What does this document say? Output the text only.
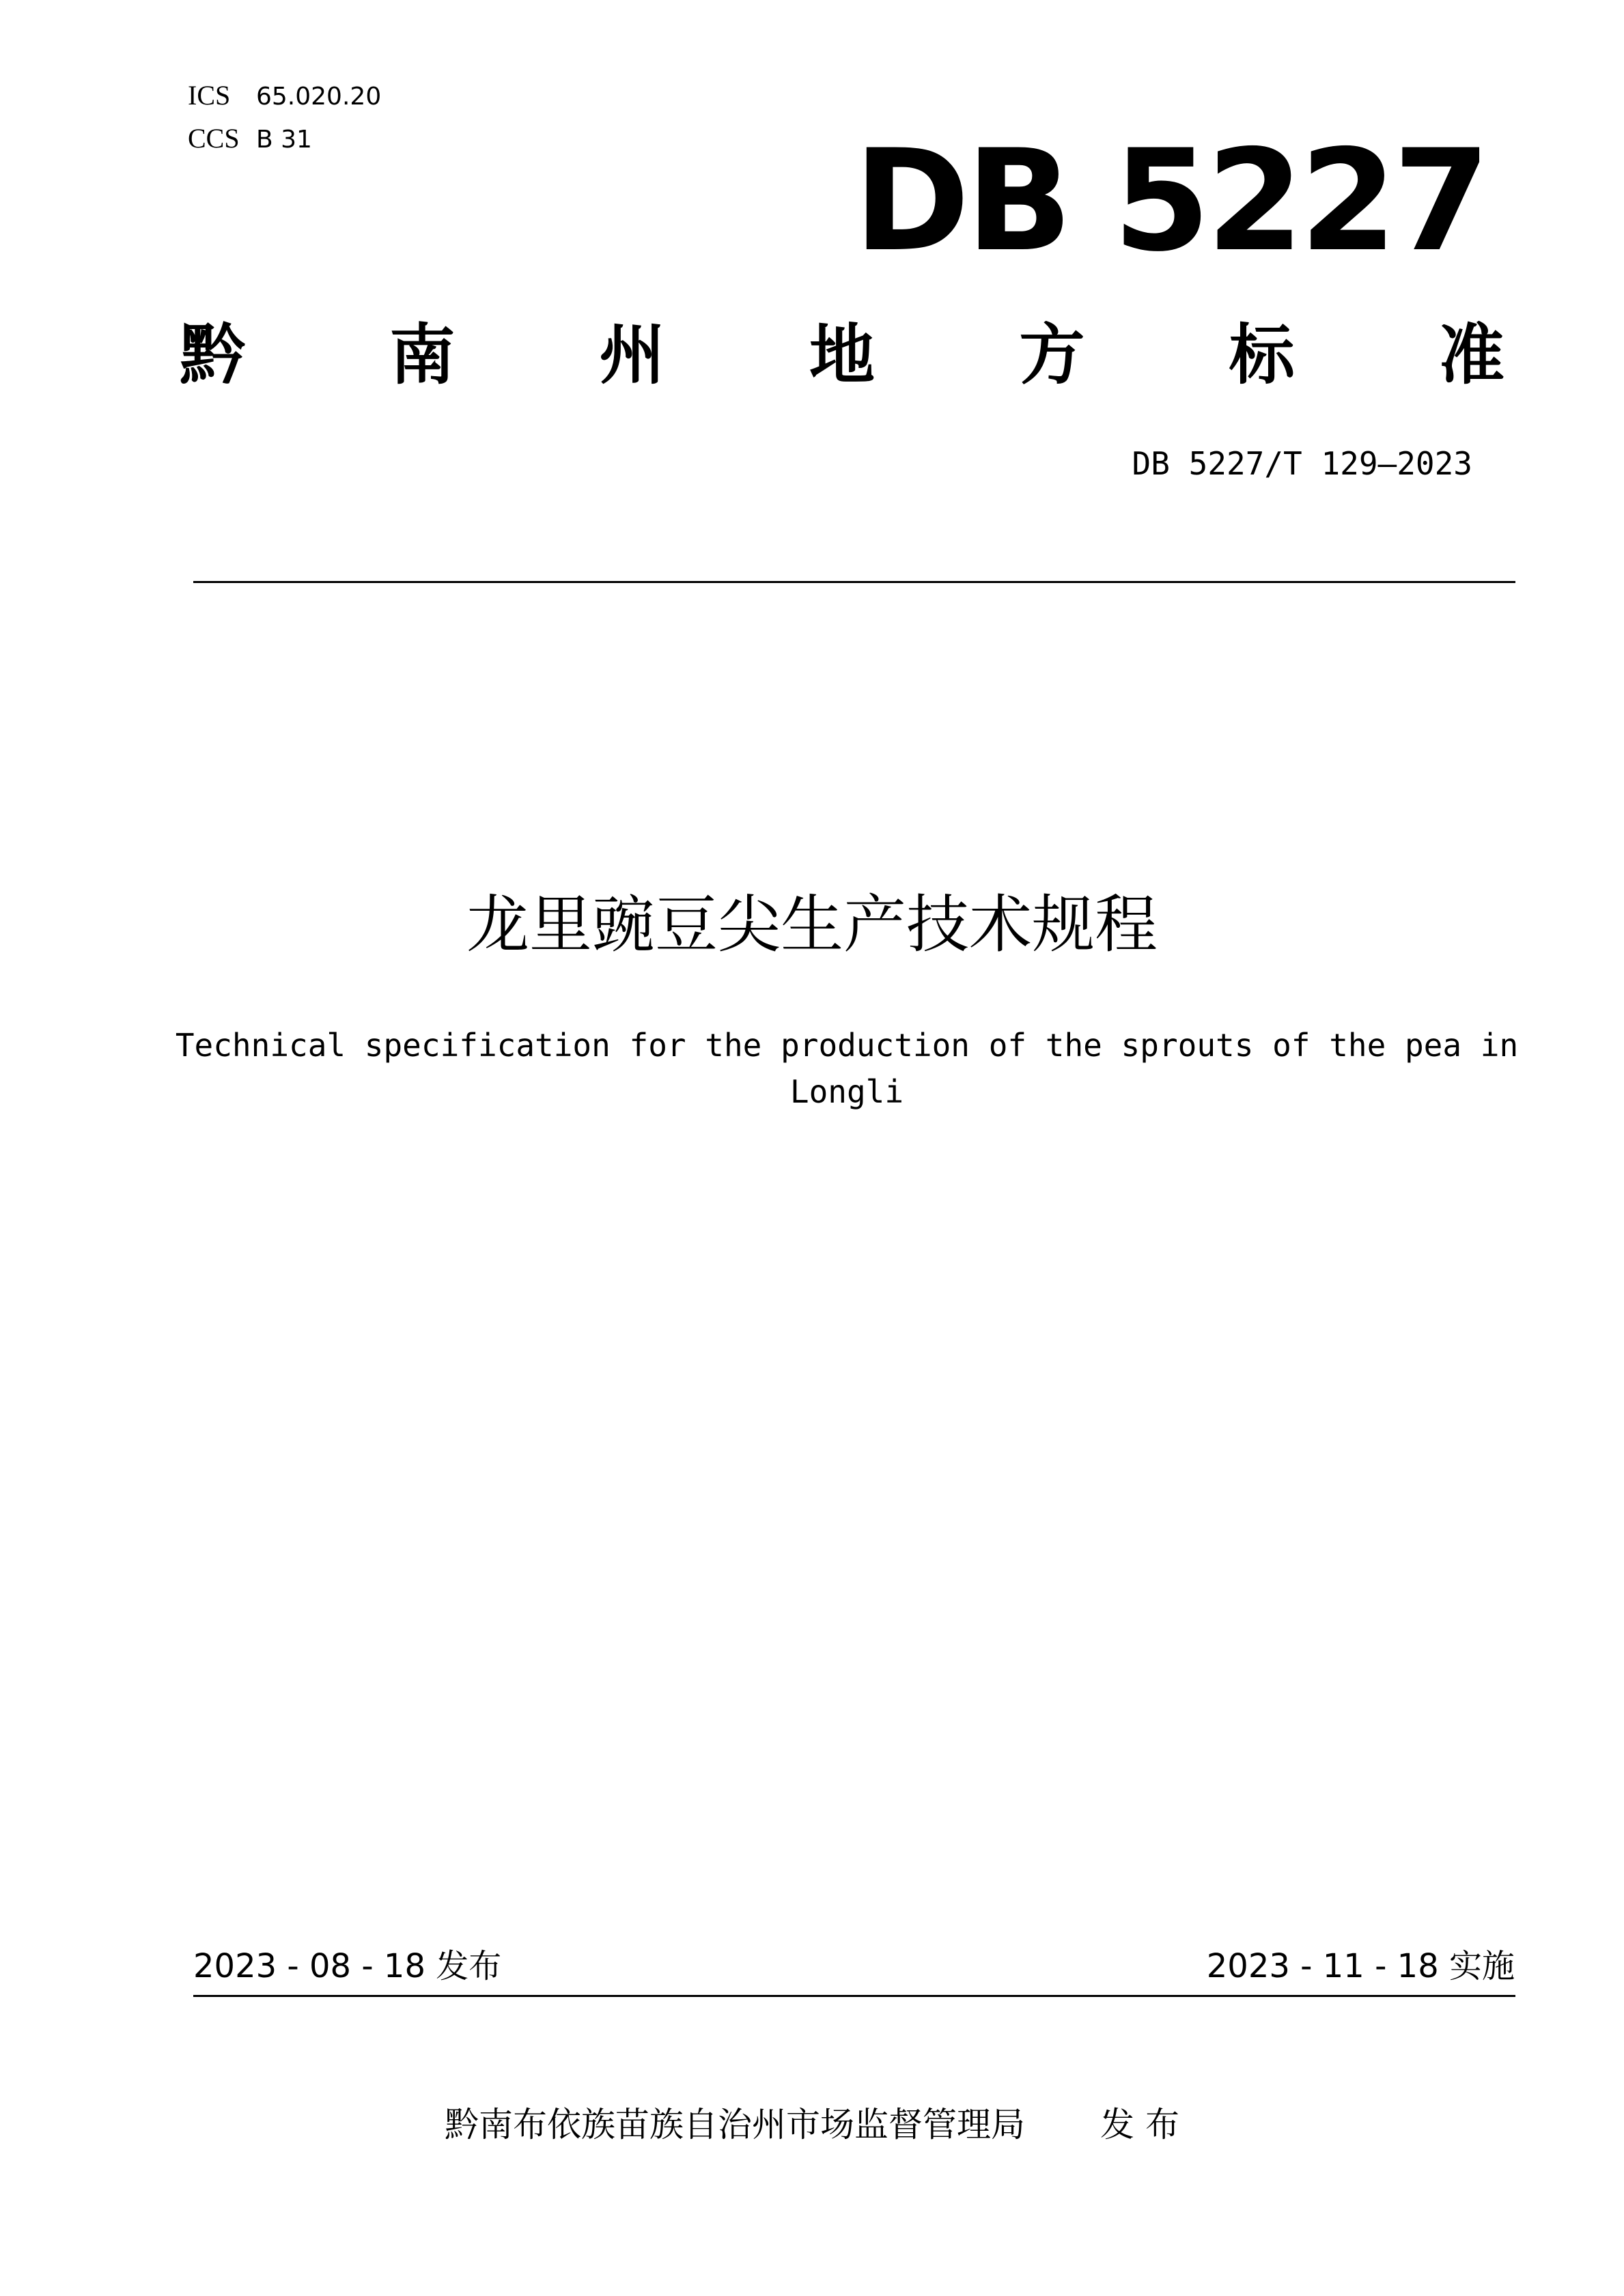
ICS	65.020.20
CCS B 31	DB 5227
黔 南 州 地 方 标 准
DB 5227/T 129—2023
龙里豌豆尖生产技术规程
Technical specification for the production of the sprouts of the pea in Longli
2023 - 08 - 18 发布	2023 - 11 - 18 实施
黔南布依族苗族自治州市场监督管理局 发 布
